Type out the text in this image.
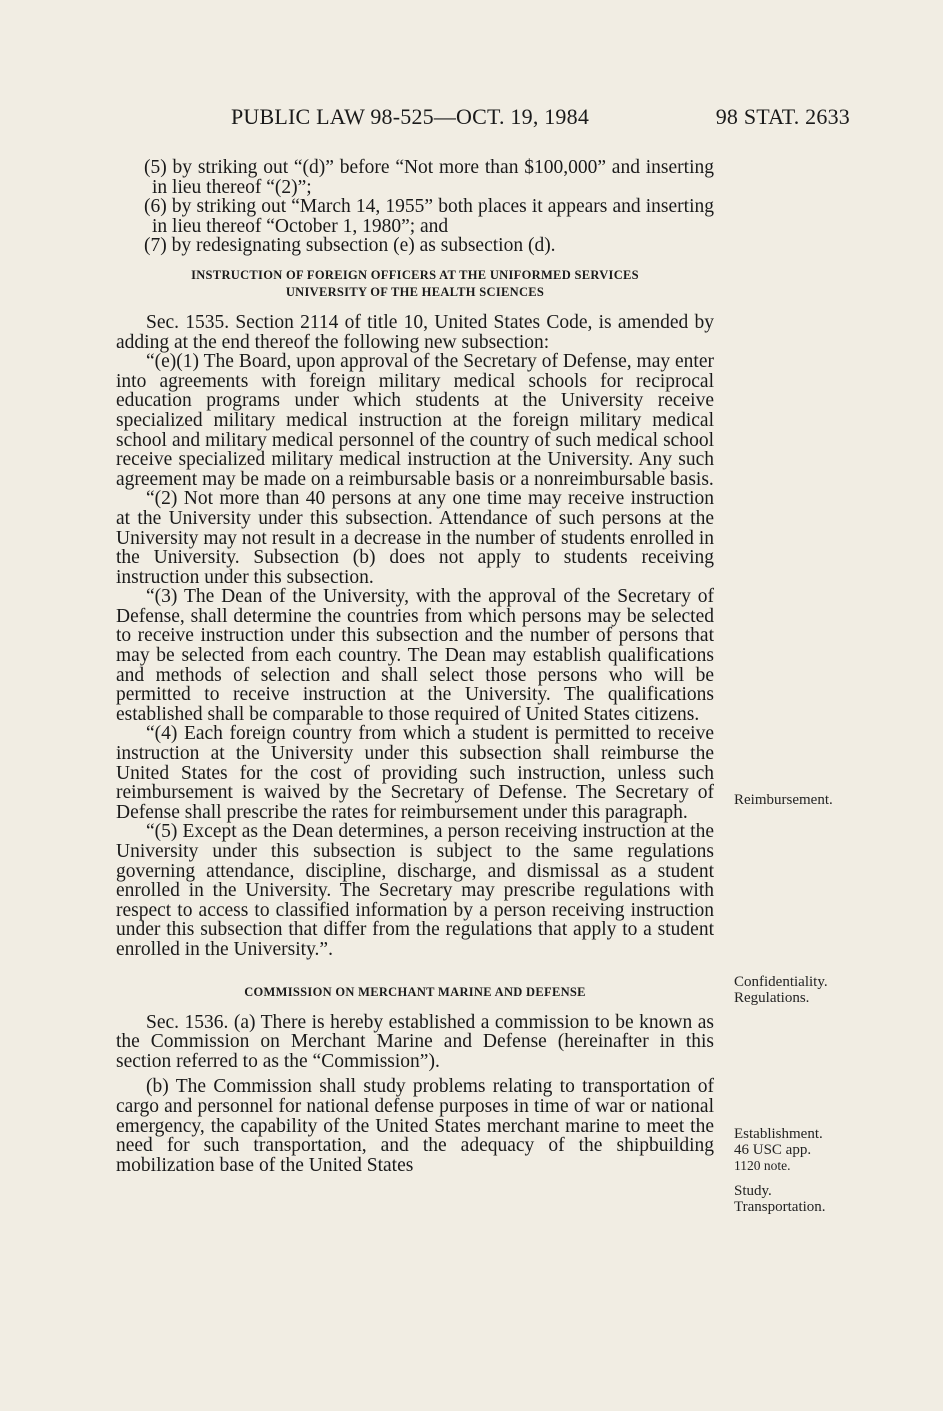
PUBLIC LAW 98-525—OCT. 19, 1984	98 STAT. 2633

(5) by striking out “(d)” before “Not more than $100,000” and inserting in lieu thereof “(2)”;

(6) by striking out “March 14, 1955” both places it appears and inserting in lieu thereof “October 1, 1980”; and

(7) by redesignating subsection (e) as subsection (d).

INSTRUCTION OF FOREIGN OFFICERS AT THE UNIFORMED SERVICES

UNIVERSITY OF THE HEALTH SCIENCES

Sec. 1535. Section 2114 of title 10, United States Code, is amended by adding at the end thereof the following new subsection:

“(e)(1) The Board, upon approval of the Secretary of Defense, may enter into agreements with foreign military medical schools for reciprocal education programs under which students at the University receive specialized military medical instruction at the foreign military medical school and military medical personnel of the country of such medical school receive specialized military medical instruction at the University. Any such agreement may be made on a reimbursable basis or a nonreimbursable basis.

“(2) Not more than 40 persons at any one time may receive instruction at the University under this subsection. Attendance of such persons at the University may not result in a decrease in the number of students enrolled in the University. Subsection (b) does not apply to students receiving instruction under this subsection.

“(3) The Dean of the University, with the approval of the Secretary of Defense, shall determine the countries from which persons may be selected to receive instruction under this subsection and the number of persons that may be selected from each country. The Dean may establish qualifications and methods of selection and shall select those persons who will be permitted to receive instruction at the University. The qualifications established shall be comparable to those required of United States citizens.

“(4) Each foreign country from which a student is permitted to receive instruction at the University under this subsection shall reimburse the United States for the cost of providing such instruction, unless such reimbursement is waived by the Secretary of Defense. The Secretary of Defense shall prescribe the rates for reimbursement under this paragraph.

“(5) Except as the Dean determines, a person receiving instruction at the University under this subsection is subject to the same regulations governing attendance, discipline, discharge, and dismissal as a student enrolled in the University. The Secretary may prescribe regulations with respect to access to classified information by a person receiving instruction under this subsection that differ from the regulations that apply to a student enrolled in the University.”.

COMMISSION ON MERCHANT MARINE AND DEFENSE

Sec. 1536. (a) There is hereby established a commission to be known as the Commission on Merchant Marine and Defense (hereinafter in this section referred to as the “Commission”).

(b) The Commission shall study problems relating to transportation of cargo and personnel for national defense purposes in time of war or national emergency, the capability of the United States merchant marine to meet the need for such transportation, and the adequacy of the shipbuilding mobilization base of the United States

Reimbursement.
Confidentiality.
Regulations.
Establishment.
46 USC app.
1120 note.
Study.
Transportation.
